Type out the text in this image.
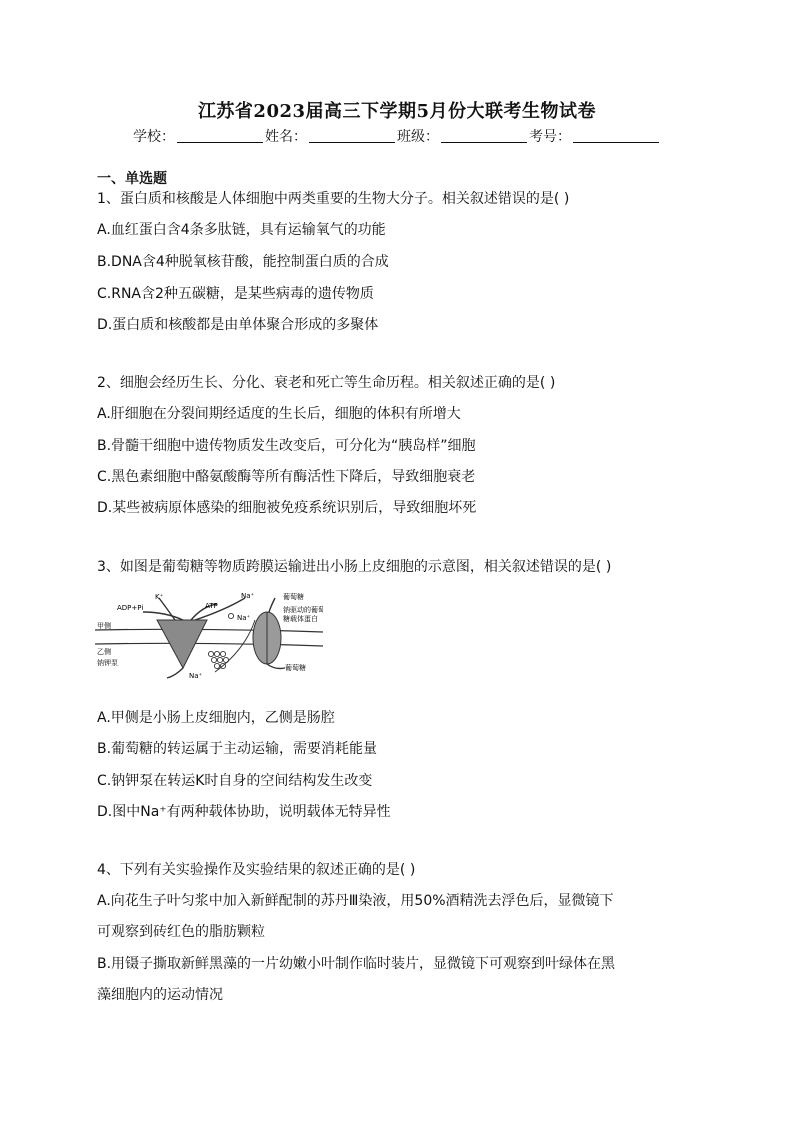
江苏省2023届高三下学期5月份大联考生物试卷
学校：	姓名：	班级：	考号：
一、单选题
1、蛋白质和核酸是人体细胞中两类重要的生物大分子。相关叙述错误的是( )
A.血红蛋白含4条多肽链，具有运输氧气的功能
B.DNA含4种脱氧核苷酸，能控制蛋白质的合成
C.RNA含2种五碳糖，是某些病毒的遗传物质
D.蛋白质和核酸都是由单体聚合形成的多聚体
2、细胞会经历生长、分化、衰老和死亡等生命历程。相关叙述正确的是( )
A.肝细胞在分裂间期经适度的生长后，细胞的体积有所增大
B.骨髓干细胞中遗传物质发生改变后，可分化为“胰岛样”细胞
C.黑色素细胞中酪氨酸酶等所有酶活性下降后，导致细胞衰老
D.某些被病原体感染的细胞被免疫系统识别后，导致细胞坏死
3、如图是葡萄糖等物质跨膜运输进出小肠上皮细胞的示意图，相关叙述错误的是( )
K⁺
ADP+Pi	ATP
Na⁺
Na⁺
Na⁺
葡萄糖
钠驱动的葡萄
糖载体蛋白
葡萄糖
甲侧
乙侧
钠钾泵
A.甲侧是小肠上皮细胞内，乙侧是肠腔
B.葡萄糖的转运属于主动运输，需要消耗能量
C.钠钾泵在转运K时自身的空间结构发生改变
D.图中Na⁺有两种载体协助，说明载体无特异性
4、下列有关实验操作及实验结果的叙述正确的是( )
A.向花生子叶匀浆中加入新鲜配制的苏丹Ⅲ染液，用50%酒精洗去浮色后，显微镜下
可观察到砖红色的脂肪颗粒
B.用镊子撕取新鲜黑藻的一片幼嫩小叶制作临时装片，显微镜下可观察到叶绿体在黑
藻细胞内的运动情况
